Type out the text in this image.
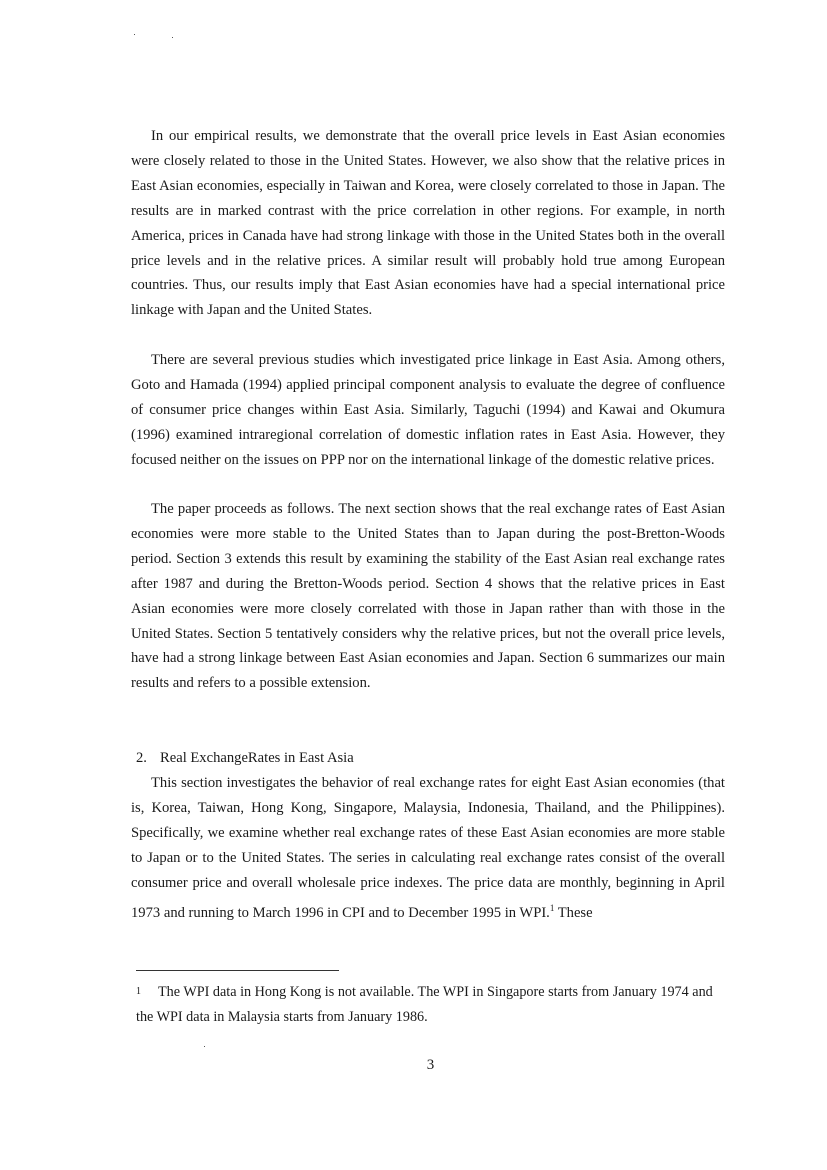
In our empirical results, we demonstrate that the overall price levels in East Asian economies were closely related to those in the United States. However, we also show that the relative prices in East Asian economies, especially in Taiwan and Korea, were closely correlated to those in Japan. The results are in marked contrast with the price correlation in other regions. For example, in north America, prices in Canada have had strong linkage with those in the United States both in the overall price levels and in the relative prices. A similar result will probably hold true among European countries. Thus, our results imply that East Asian economies have had a special international price linkage with Japan and the United States.

There are several previous studies which investigated price linkage in East Asia. Among others, Goto and Hamada (1994) applied principal component analysis to evaluate the degree of confluence of consumer price changes within East Asia. Similarly, Taguchi (1994) and Kawai and Okumura (1996) examined intraregional correlation of domestic inflation rates in East Asia. However, they focused neither on the issues on PPP nor on the international linkage of the domestic relative prices.

The paper proceeds as follows. The next section shows that the real exchange rates of East Asian economies were more stable to the United States than to Japan during the post-Bretton-Woods period. Section 3 extends this result by examining the stability of the East Asian real exchange rates after 1987 and during the Bretton-Woods period. Section 4 shows that the relative prices in East Asian economies were more closely correlated with those in Japan rather than with those in the United States. Section 5 tentatively considers why the relative prices, but not the overall price levels, have had a strong linkage between East Asian economies and Japan. Section 6 summarizes our main results and refers to a possible extension.

2. Real ExchangeRates in East Asia

This section investigates the behavior of real exchange rates for eight East Asian economies (that is, Korea, Taiwan, Hong Kong, Singapore, Malaysia, Indonesia, Thailand, and the Philippines). Specifically, we examine whether real exchange rates of these East Asian economies are more stable to Japan or to the United States. The series in calculating real exchange rates consist of the overall consumer price and overall wholesale price indexes. The price data are monthly, beginning in April 1973 and running to March 1996 in CPI and to December 1995 in WPI.$^1$ These

1 The WPI data in Hong Kong is not available. The WPI in Singapore starts from January 1974 and the WPI data in Malaysia starts from January 1986.

3
